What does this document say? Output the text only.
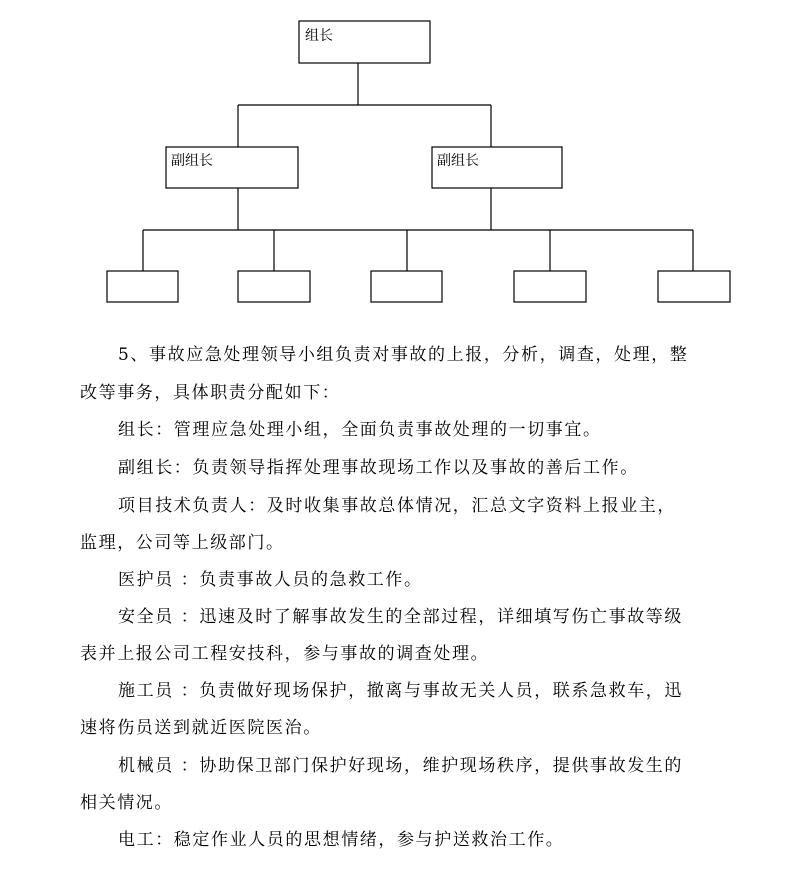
组长
副组长	副组长

5、事故应急处理领导小组负责对事故的上报，分析，调查，处理，整

改等事务，具体职责分配如下：

组长：管理应急处理小组，全面负责事故处理的一切事宜。

副组长：负责领导指挥处理事故现场工作以及事故的善后工作。

项目技术负责人：及时收集事故总体情况，汇总文字资料上报业主，

监理，公司等上级部门。

医护员 ：负责事故人员的急救工作。

安全员 ：迅速及时了解事故发生的全部过程，详细填写伤亡事故等级

表并上报公司工程安技科，参与事故的调查处理。

施工员 ：负责做好现场保护，撤离与事故无关人员，联系急救车，迅

速将伤员送到就近医院医治。

机械员 ：协助保卫部门保护好现场，维护现场秩序，提供事故发生的

相关情况。

电工：稳定作业人员的思想情绪，参与护送救治工作。
